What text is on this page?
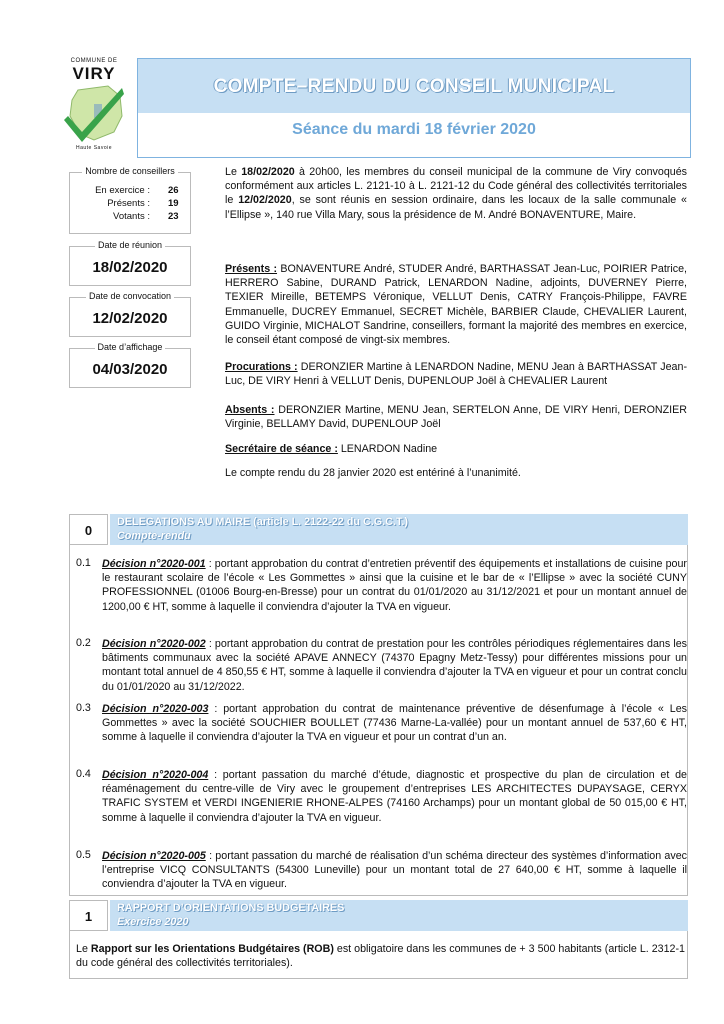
COMMUNE DE
VIRY
Haute Savoie
COMPTE–RENDU DU CONSEIL MUNICIPAL
Séance du mardi 18 février 2020
Nombre de conseillers
En exercice : 26
Présents : 19
Votants : 23
Date de réunion
18/02/2020
Date de convocation
12/02/2020
Date d’affichage
04/03/2020
Le 18/02/2020 à 20h00, les membres du conseil municipal de la commune de Viry convoqués conformément aux articles L. 2121-10 à L. 2121-12 du Code général des collectivités territoriales le 12/02/2020, se sont réunis en session ordinaire, dans les locaux de la salle communale « l’Ellipse », 140 rue Villa Mary, sous la présidence de M. André BONAVENTURE, Maire.
Présents : BONAVENTURE André, STUDER André, BARTHASSAT Jean-Luc, POIRIER Patrice, HERRERO Sabine, DURAND Patrick, LENARDON Nadine, adjoints, DUVERNEY Pierre, TEXIER Mireille, BETEMPS Véronique, VELLUT Denis, CATRY François-Philippe, FAVRE Emmanuelle, DUCREY Emmanuel, SECRET Michèle, BARBIER Claude, CHEVALIER Laurent, GUIDO Virginie, MICHALOT Sandrine, conseillers, formant la majorité des membres en exercice, le conseil étant composé de vingt-six membres.
Procurations : DERONZIER Martine à LENARDON Nadine, MENU Jean à BARTHASSAT Jean-Luc, DE VIRY Henri à VELLUT Denis, DUPENLOUP Joël à CHEVALIER Laurent
Absents : DERONZIER Martine, MENU Jean, SERTELON Anne, DE VIRY Henri, DERONZIER Virginie, BELLAMY David, DUPENLOUP Joël
Secrétaire de séance : LENARDON Nadine
Le compte rendu du 28 janvier 2020 est entériné à l’unanimité.
0
DELEGATIONS AU MAIRE (article L. 2122-22 du C.G.C.T.)
Compte-rendu
0.1 Décision n°2020-001 : portant approbation du contrat d’entretien préventif des équipements et installations de cuisine pour le restaurant scolaire de l’école « Les Gommettes » ainsi que la cuisine et le bar de « l’Ellipse » avec la société CUNY PROFESSIONNEL (01006 Bourg-en-Bresse) pour un contrat du 01/01/2020 au 31/12/2021 et pour un montant annuel de 1200,00 € HT, somme à laquelle il conviendra d’ajouter la TVA en vigueur.
0.2 Décision n°2020-002 : portant approbation du contrat de prestation pour les contrôles périodiques réglementaires dans les bâtiments communaux avec la société APAVE ANNECY (74370 Epagny Metz-Tessy) pour différentes missions pour un montant total annuel de 4 850,55 € HT, somme à laquelle il conviendra d’ajouter la TVA en vigueur et pour un contrat conclu du 01/01/2020 au 31/12/2022.
0.3 Décision n°2020-003 : portant approbation du contrat de maintenance préventive de désenfumage à l’école « Les Gommettes » avec la société SOUCHIER BOULLET (77436 Marne-La-vallée) pour un montant annuel de 537,60 € HT, somme à laquelle il conviendra d’ajouter la TVA en vigueur et pour un contrat d’un an.
0.4 Décision n°2020-004 : portant passation du marché d’étude, diagnostic et prospective du plan de circulation et de réaménagement du centre-ville de Viry avec le groupement d’entreprises LES ARCHITECTES DUPAYSAGE, CERYX TRAFIC SYSTEM et VERDI INGENIERIE RHONE-ALPES (74160 Archamps) pour un montant global de 50 015,00 € HT, somme à laquelle il conviendra d’ajouter la TVA en vigueur.
0.5 Décision n°2020-005 : portant passation du marché de réalisation d’un schéma directeur des systèmes d’information avec l’entreprise VICQ CONSULTANTS (54300 Luneville) pour un montant total de 27 640,00 € HT, somme à laquelle il conviendra d’ajouter la TVA en vigueur.
1
RAPPORT D’ORIENTATIONS BUDGETAIRES
Exercice 2020
Le Rapport sur les Orientations Budgétaires (ROB) est obligatoire dans les communes de + 3 500 habitants (article L. 2312-1 du code général des collectivités territoriales).
